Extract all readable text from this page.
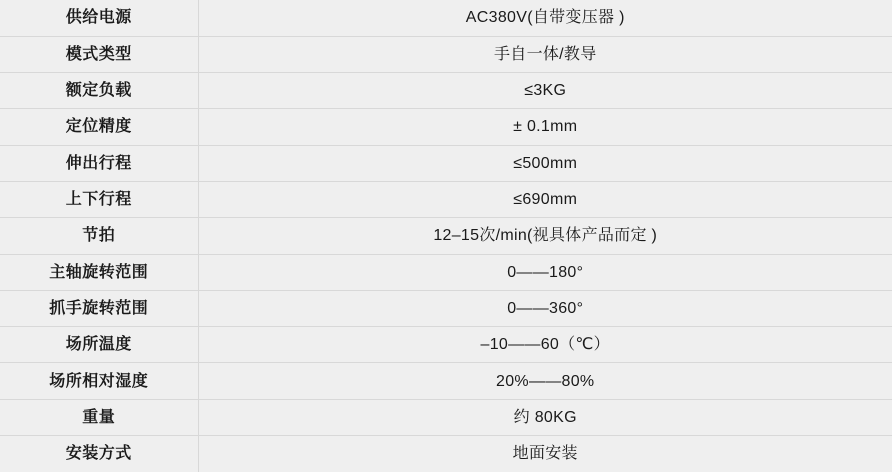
供给电源	AC380V(自带变压器 )
模式类型	手自一体/教导
额定负载	≤3KG
定位精度	± 0.1mm
伸出行程	≤500mm
上下行程	≤690mm
节拍	12–15次/min(视具体产品而定 )
主轴旋转范围	0——180°
抓手旋转范围	0——360°
场所温度	–10——60（℃）
场所相对湿度	20%——80%
重量	约 80KG
安装方式	地面安装
